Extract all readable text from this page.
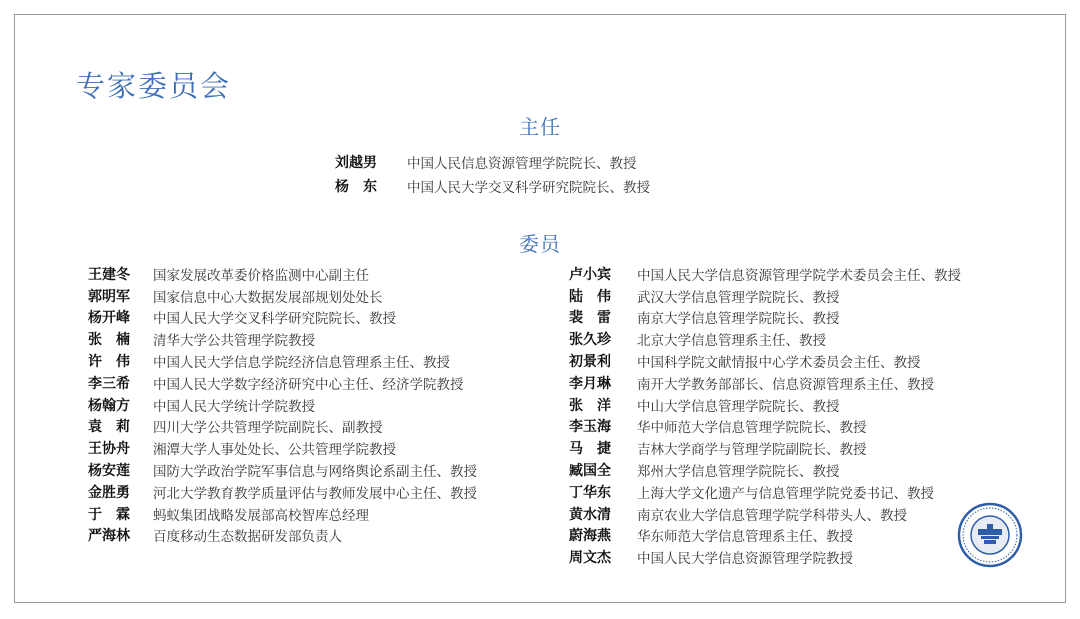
专家委员会
主任
刘越男	中国人民信息资源管理学院院长、教授
杨　东	中国人民大学交叉科学研究院院长、教授
委员
王建冬	国家发展改革委价格监测中心副主任
郭明军	国家信息中心大数据发展部规划处处长
杨开峰	中国人民大学交叉科学研究院院长、教授
张　楠	清华大学公共管理学院教授
许　伟	中国人民大学信息学院经济信息管理系主任、教授
李三希	中国人民大学数字经济研究中心主任、经济学院教授
杨翰方	中国人民大学统计学院教授
袁　莉	四川大学公共管理学院副院长、副教授
王协舟	湘潭大学人事处处长、公共管理学院教授
杨安莲	国防大学政治学院军事信息与网络舆论系副主任、教授
金胜勇	河北大学教育教学质量评估与教师发展中心主任、教授
于　霖	蚂蚁集团战略发展部高校智库总经理
严海林	百度移动生态数据研发部负责人
卢小宾	中国人民大学信息资源管理学院学术委员会主任、教授
陆　伟	武汉大学信息管理学院院长、教授
裴　雷	南京大学信息管理学院院长、教授
张久珍	北京大学信息管理系主任、教授
初景利	中国科学院文献情报中心学术委员会主任、教授
李月琳	南开大学教务部部长、信息资源管理系主任、教授
张　洋	中山大学信息管理学院院长、教授
李玉海	华中师范大学信息管理学院院长、教授
马　捷	吉林大学商学与管理学院副院长、教授
臧国全	郑州大学信息管理学院院长、教授
丁华东	上海大学文化遗产与信息管理学院党委书记、教授
黄水清	南京农业大学信息管理学院学科带头人、教授
蔚海燕	华东师范大学信息管理系主任、教授
周文杰	中国人民大学信息资源管理学院教授
